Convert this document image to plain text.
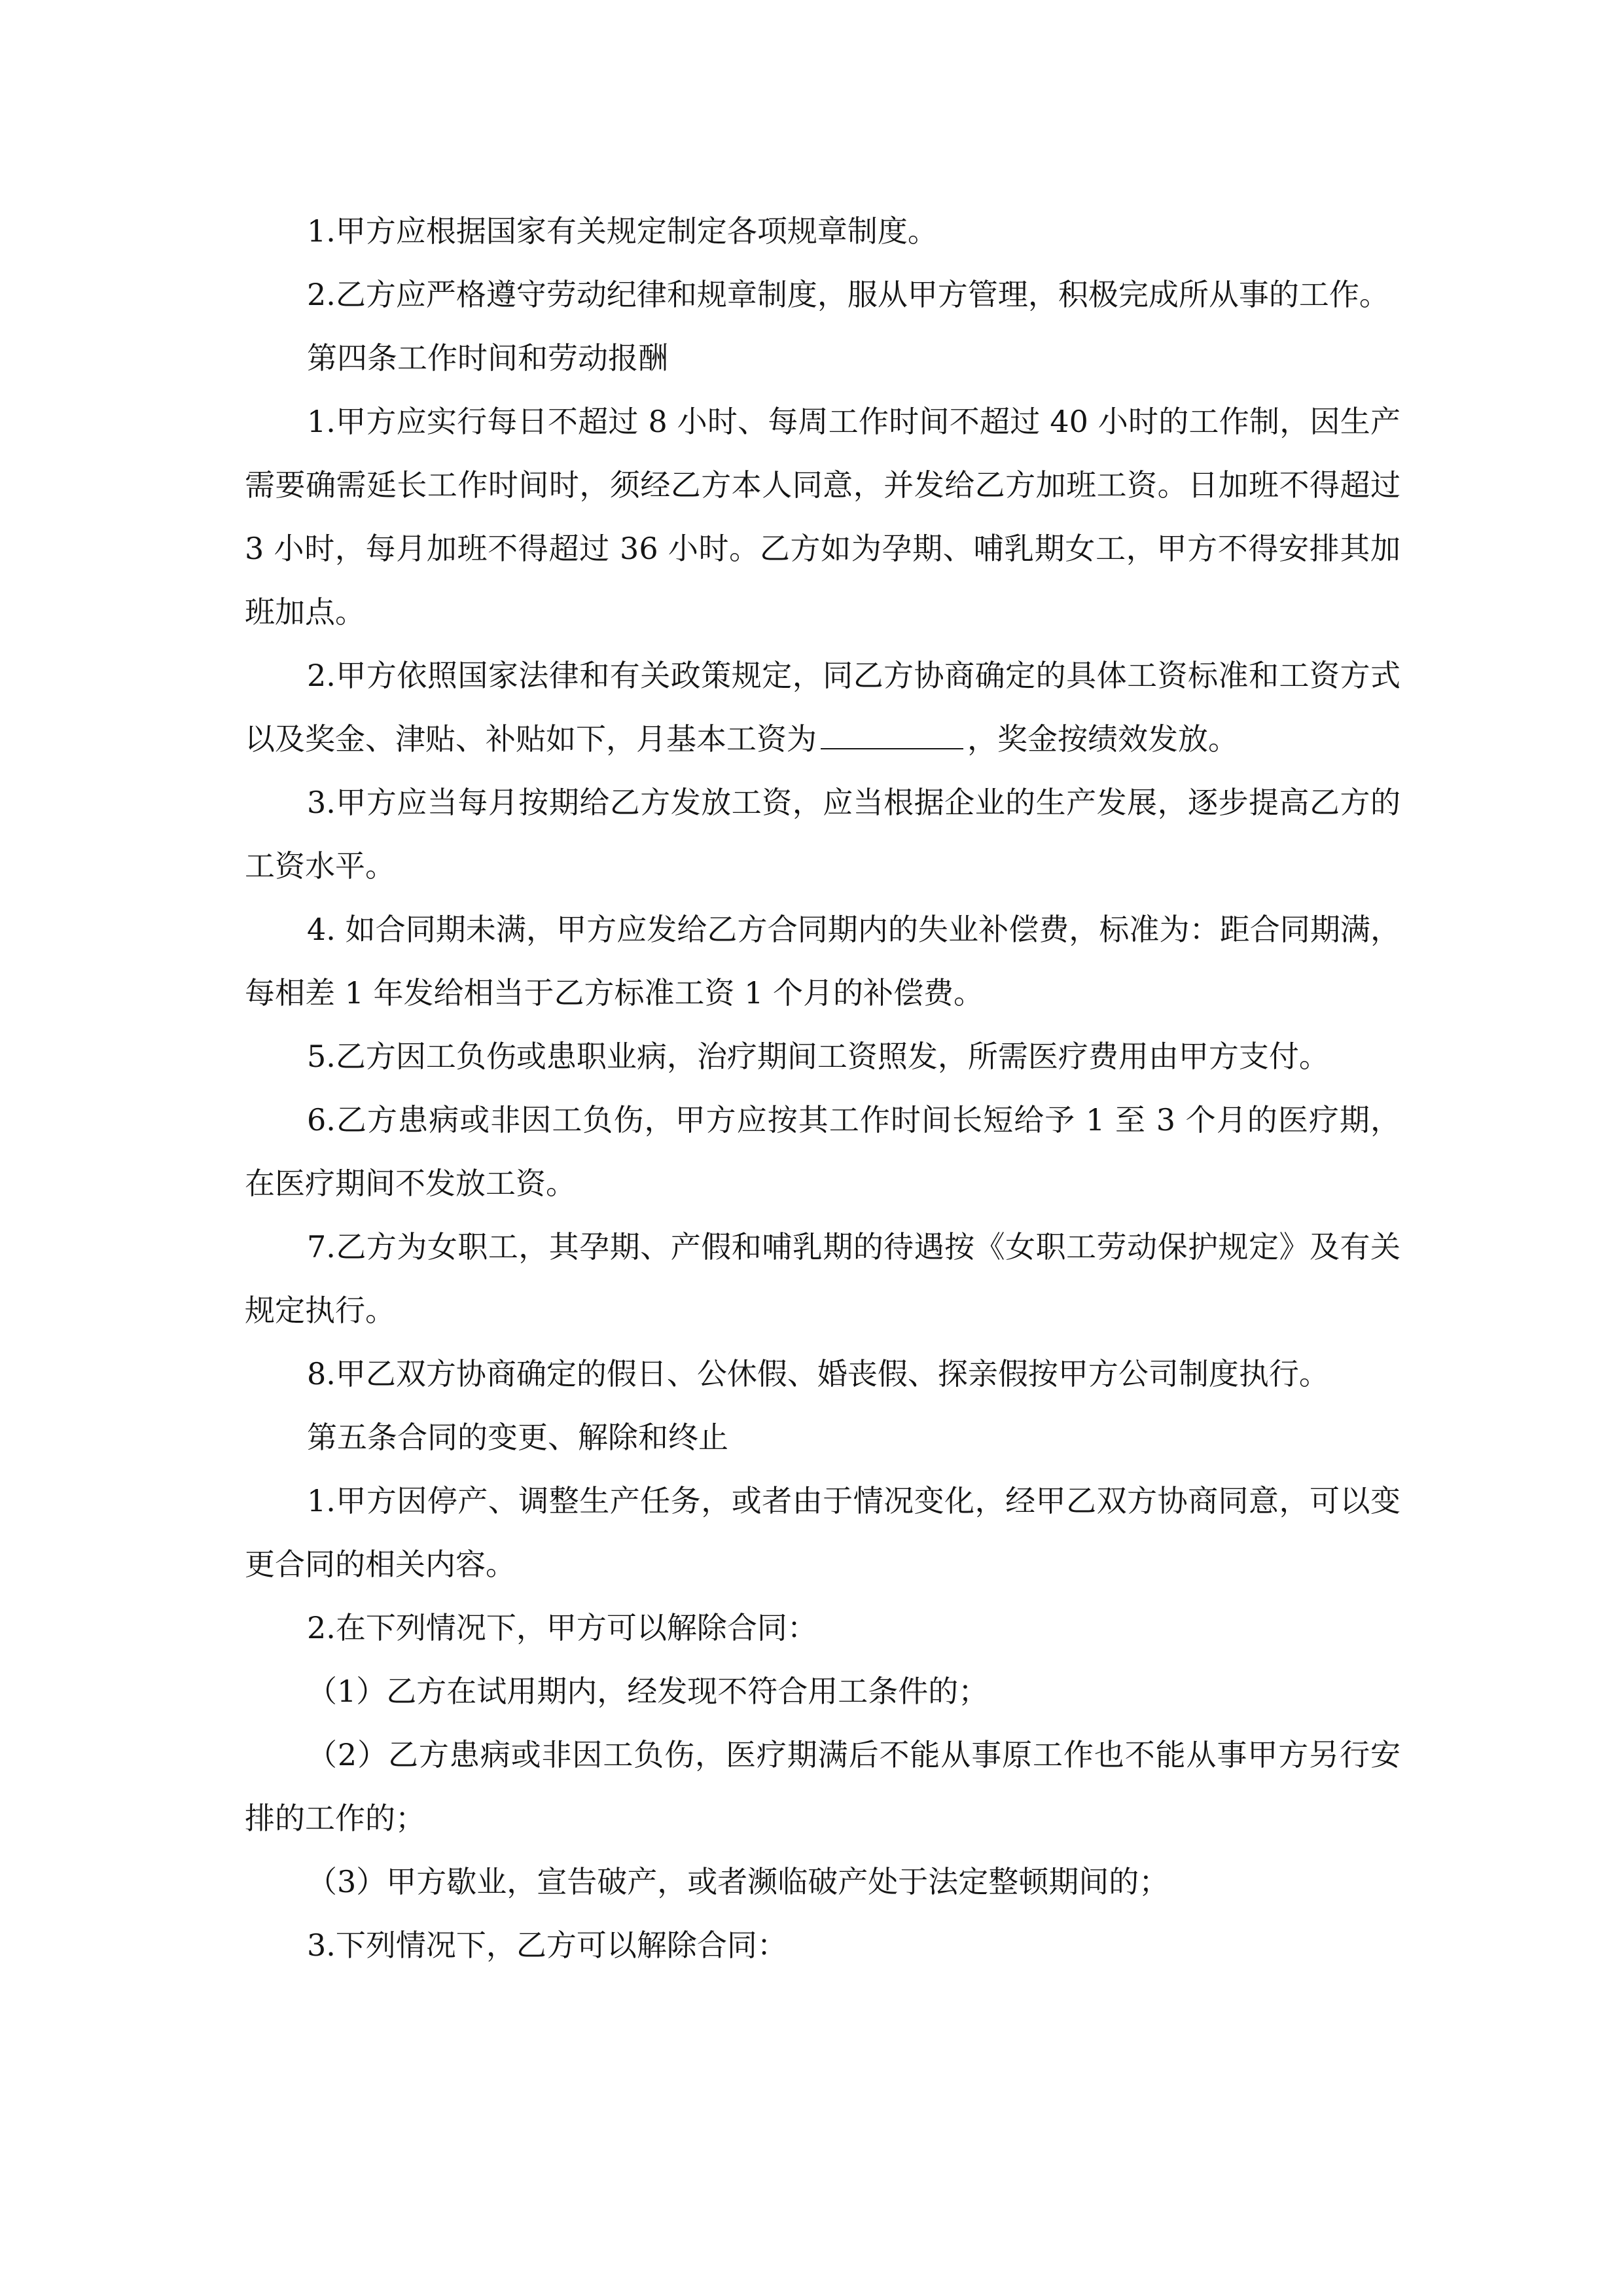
1.甲方应根据国家有关规定制定各项规章制度。

2.乙方应严格遵守劳动纪律和规章制度，服从甲方管理，积极完成所从事的工作。

第四条工作时间和劳动报酬

1.甲方应实行每日不超过 8 小时、每周工作时间不超过 40 小时的工作制，因生产需要确需延长工作时间时，须经乙方本人同意，并发给乙方加班工资。日加班不得超过 3 小时，每月加班不得超过 36 小时。乙方如为孕期、哺乳期女工，甲方不得安排其加班加点。

2.甲方依照国家法律和有关政策规定，同乙方协商确定的具体工资标准和工资方式以及奖金、津贴、补贴如下，月基本工资为	，奖金按绩效发放。

3.甲方应当每月按期给乙方发放工资，应当根据企业的生产发展，逐步提高乙方的工资水平。

4. 如合同期未满，甲方应发给乙方合同期内的失业补偿费，标准为：距合同期满，每相差 1 年发给相当于乙方标准工资 1 个月的补偿费。

5.乙方因工负伤或患职业病，治疗期间工资照发，所需医疗费用由甲方支付。

6.乙方患病或非因工负伤，甲方应按其工作时间长短给予 1 至 3 个月的医疗期，在医疗期间不发放工资。

7.乙方为女职工，其孕期、产假和哺乳期的待遇按《女职工劳动保护规定》及有关规定执行。

8.甲乙双方协商确定的假日、公休假、婚丧假、探亲假按甲方公司制度执行。

第五条合同的变更、解除和终止

1.甲方因停产、调整生产任务，或者由于情况变化，经甲乙双方协商同意，可以变更合同的相关内容。

2.在下列情况下，甲方可以解除合同：

（1）乙方在试用期内，经发现不符合用工条件的；

（2）乙方患病或非因工负伤，医疗期满后不能从事原工作也不能从事甲方另行安排的工作的；

（3）甲方歇业，宣告破产，或者濒临破产处于法定整顿期间的；

3.下列情况下，乙方可以解除合同：
